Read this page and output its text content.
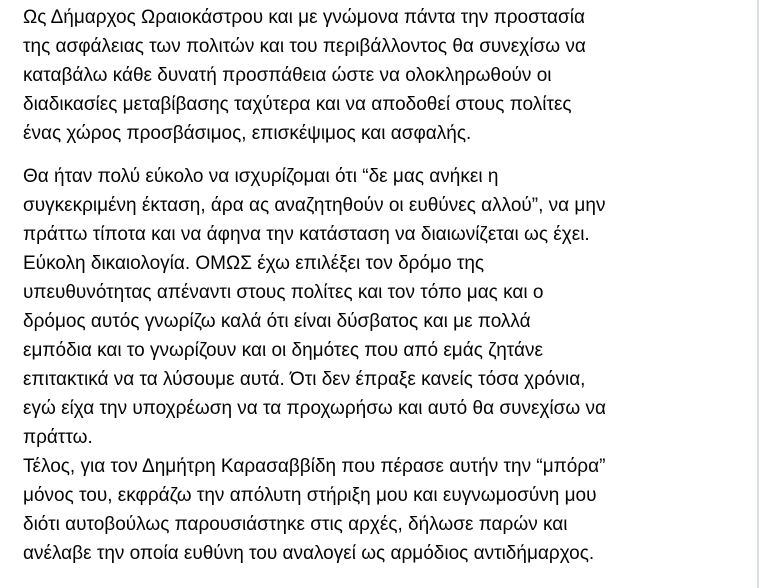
Ως Δήμαρχος Ωραιοκάστρου και με γνώμονα πάντα την προστασία
της ασφάλειας των πολιτών και του περιβάλλοντος θα συνεχίσω να
καταβάλω κάθε δυνατή προσπάθεια ώστε να ολοκληρωθούν οι
διαδικασίες μεταβίβασης ταχύτερα και να αποδοθεί στους πολίτες
ένας χώρος προσβάσιμος, επισκέψιμος και ασφαλής.

Θα ήταν πολύ εύκολο να ισχυρίζομαι ότι “δε μας ανήκει η
συγκεκριμένη έκταση, άρα ας αναζητηθούν οι ευθύνες αλλού”, να μην
πράττω τίποτα και να άφηνα την κατάσταση να διαιωνίζεται ως έχει.
Εύκολη δικαιολογία. ΟΜΩΣ έχω επιλέξει τον δρόμο της
υπευθυνότητας απέναντι στους πολίτες και τον τόπο μας και ο
δρόμος αυτός γνωρίζω καλά ότι είναι δύσβατος και με πολλά
εμπόδια και το γνωρίζουν και οι δημότες που από εμάς ζητάνε
επιτακτικά να τα λύσουμε αυτά. Ότι δεν έπραξε κανείς τόσα χρόνια,
εγώ είχα την υποχρέωση να τα προχωρήσω και αυτό θα συνεχίσω να
πράττω.

Τέλος, για τον Δημήτρη Καρασαββίδη που πέρασε αυτήν την “μπόρα”
μόνος του, εκφράζω την απόλυτη στήριξη μου και ευγνωμοσύνη μου
διότι αυτοβούλως παρουσιάστηκε στις αρχές, δήλωσε παρών και
ανέλαβε την οποία ευθύνη του αναλογεί ως αρμόδιος αντιδήμαρχος.
